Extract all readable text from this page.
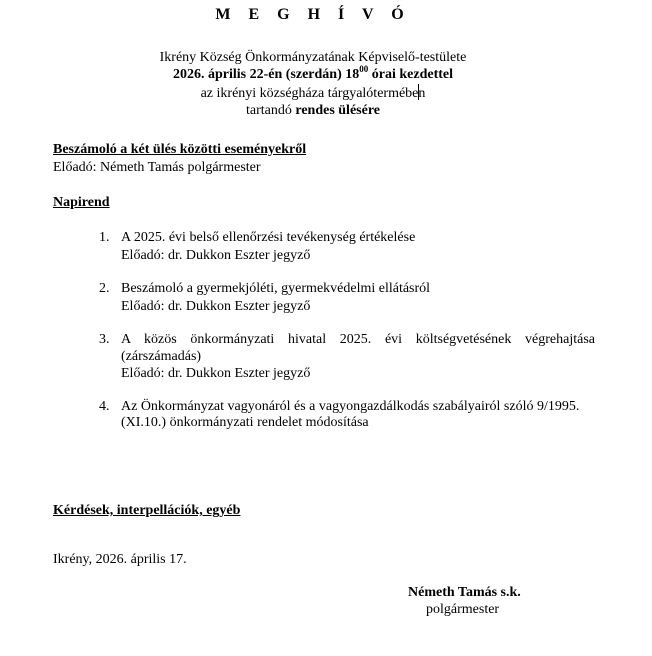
M E G H Í V Ó
Ikrény Község Önkormányzatának Képviselő-testülete
2026. április 22-én (szerdán) $18^{00}$ órai kezdettel
az ikrényi községháza tárgyalótermében
tartandó rendes ülésére
Beszámoló a két ülés közötti eseményekről
Előadó: Németh Tamás polgármester
Napirend
1. A 2025. évi belső ellenőrzési tevékenység értékelése
Előadó: dr. Dukkon Eszter jegyző
2. Beszámoló a gyermekjóléti, gyermekvédelmi ellátásról
Előadó: dr. Dukkon Eszter jegyző
3. A közös önkormányzati hivatal 2025. évi költségvetésének végrehajtása
(zárszámadás)
Előadó: dr. Dukkon Eszter jegyző
4. Az Önkormányzat vagyonáról és a vagyongazdálkodás szabályairól szóló 9/1995.
(XI.10.) önkormányzati rendelet módosítása
Kérdések, interpellációk, egyéb
Ikrény, 2026. április 17.
Németh Tamás s.k.
polgármester
